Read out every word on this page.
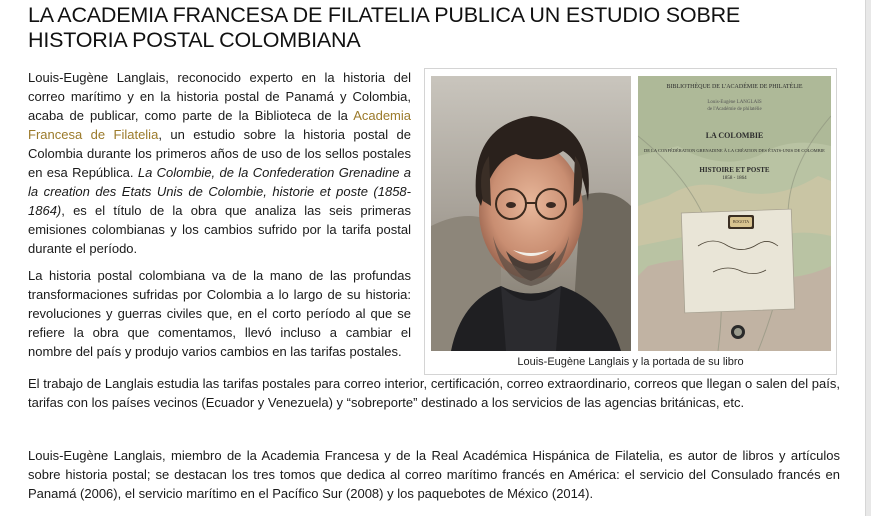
LA ACADEMIA FRANCESA DE FILATELIA PUBLICA UN ESTUDIO SOBRE
HISTORIA POSTAL COLOMBIANA

Louis-Eugène Langlais, reconocido experto en la historia del correo marítimo y en la historia postal de Panamá y Colombia, acaba de publicar, como parte de la Biblioteca de la Academia Francesa de Filatelia, un estudio sobre la historia postal de Colombia durante los primeros años de uso de los sellos postales en esa República. La Colombie, de la Confederation Grenadine a la creation des Etats Unis de Colombie, historie et poste (1858-1864), es el título de la obra que analiza las seis primeras emisiones colombianas y los cambios sufrido por la tarifa postal durante el período.

La historia postal colombiana va de la mano de las profundas transformaciones sufridas por Colombia a lo largo de su historia: revoluciones y guerras civiles que, en el corto período al que se refiere la obra que comentamos, llevó incluso a cambiar el nombre del país y produjo varios cambios en las tarifas postales.

El trabajo de Langlais estudia las tarifas postales para correo interior, certificación, correo extraordinario, correos que llegan o salen del país, tarifas con los países vecinos (Ecuador y Venezuela) y “sobreporte” destinado a los servicios de las agencias británicas, etc.

Louis-Eugène Langlais, miembro de la Academia Francesa y de la Real Académica Hispánica de Filatelia, es autor de libros y artículos sobre historia postal; se destacan los tres tomos que dedica al correo marítimo francés en América: el servicio del Consulado francés en Panamá (2006), el servicio marítimo en el Pacífico Sur (2008) y los paquebotes de México (2014).

BIBLIOTHÈQUE DE L'ACADÉMIE DE PHILATÉLIE
Louis-Eugène LANGLAIS
de l'Académie de philatélie
LA COLOMBIE
DE LA CONFÉDÉRATION GRENADINE À LA CRÉATION DES ÉTATS-UNIS DE COLOMBIE
HISTOIRE ET POSTE
1858 - 1864
BOGOTA
Louis-Eugène Langlais y la portada de su libro
